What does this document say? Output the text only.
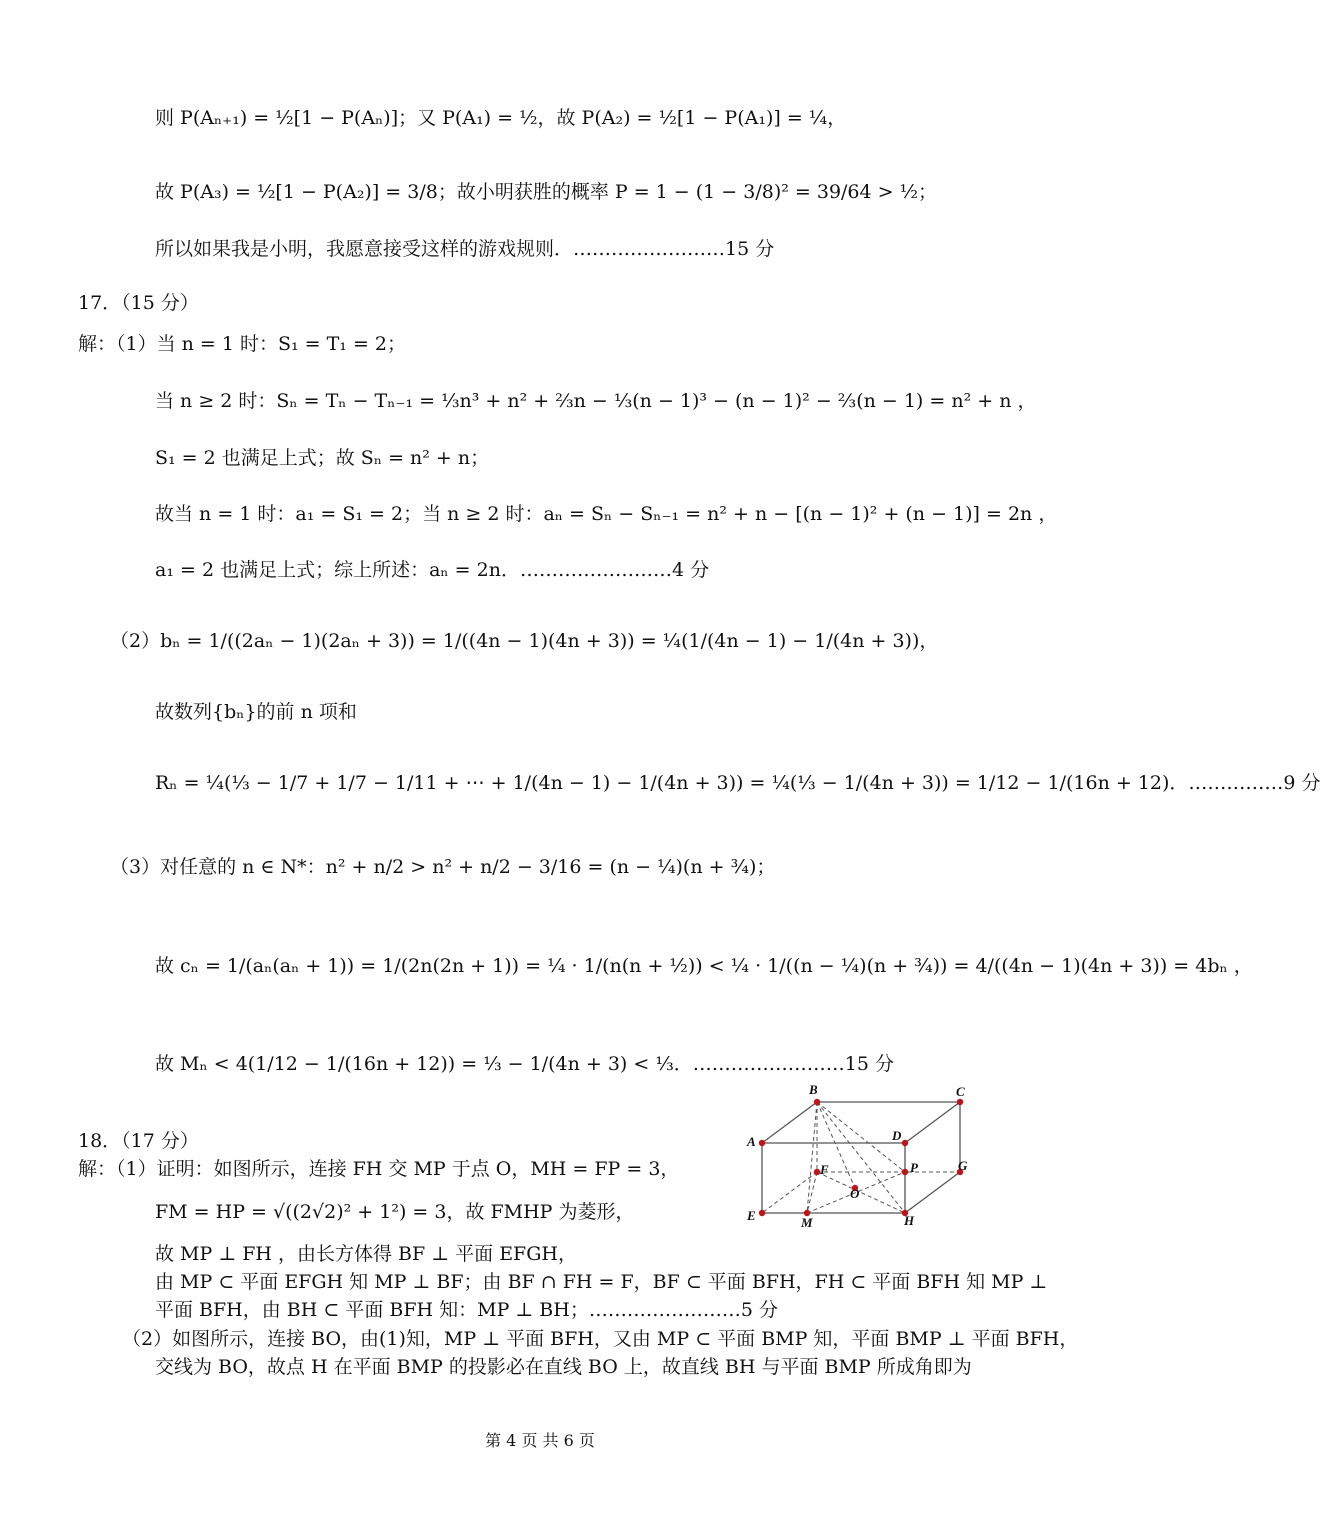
则 P(Aₙ₊₁) = ½[1 − P(Aₙ)]；又 P(A₁) = ½，故 P(A₂) = ½[1 − P(A₁)] = ¼，
故 P(A₃) = ½[1 − P(A₂)] = 3/8；故小明获胜的概率 P = 1 − (1 − 3/8)² = 39/64 > ½；
所以如果我是小明，我愿意接受这样的游戏规则．……………………15 分
17．（15 分）
解：（1）当 n = 1 时：S₁ = T₁ = 2；
当 n ≥ 2 时：Sₙ = Tₙ − Tₙ₋₁ = ⅓n³ + n² + ⅔n − ⅓(n − 1)³ − (n − 1)² − ⅔(n − 1) = n² + n ，
S₁ = 2 也满足上式；故 Sₙ = n² + n；
故当 n = 1 时：a₁ = S₁ = 2；当 n ≥ 2 时：aₙ = Sₙ − Sₙ₋₁ = n² + n − [(n − 1)² + (n − 1)] = 2n ，
a₁ = 2 也满足上式；综上所述：aₙ = 2n．……………………4 分
（2）bₙ = 1/((2aₙ − 1)(2aₙ + 3)) = 1/((4n − 1)(4n + 3)) = ¼(1/(4n − 1) − 1/(4n + 3))，
故数列{bₙ}的前 n 项和
Rₙ = ¼(⅓ − 1/7 + 1/7 − 1/11 + ⋯ + 1/(4n − 1) − 1/(4n + 3)) = ¼(⅓ − 1/(4n + 3)) = 1/12 − 1/(16n + 12)．……………9 分
（3）对任意的 n ∈ N*：n² + n/2 > n² + n/2 − 3/16 = (n − ¼)(n + ¾)；
故 cₙ = 1/(aₙ(aₙ + 1)) = 1/(2n(2n + 1)) = ¼ · 1/(n(n + ½)) < ¼ · 1/((n − ¼)(n + ¾)) = 4/((4n − 1)(4n + 3)) = 4bₙ ，
故 Mₙ < 4(1/12 − 1/(16n + 12)) = ⅓ − 1/(4n + 3) < ⅓．……………………15 分
18．（17 分）
解：（1）证明：如图所示，连接 FH 交 MP 于点 O，MH = FP = 3，
FM = HP = √((2√2)² + 1²) = 3，故 FMHP 为菱形，
故 MP ⊥ FH ，由长方体得 BF ⊥ 平面 EFGH，
由 MP ⊂ 平面 EFGH 知 MP ⊥ BF；由 BF ∩ FH = F，BF ⊂ 平面 BFH，FH ⊂ 平面 BFH 知 MP ⊥
平面 BFH，由 BH ⊂ 平面 BFH 知：MP ⊥ BH；……………………5 分
（2）如图所示，连接 BO，由(1)知，MP ⊥ 平面 BFH，又由 MP ⊂ 平面 BMP 知，平面 BMP ⊥ 平面 BFH，
交线为 BO，故点 H 在平面 BMP 的投影必在直线 BO 上，故直线 BH 与平面 BMP 所成角即为
B	C
A	D
F	P	G
O
E	M	H
第 4 页 共 6 页
